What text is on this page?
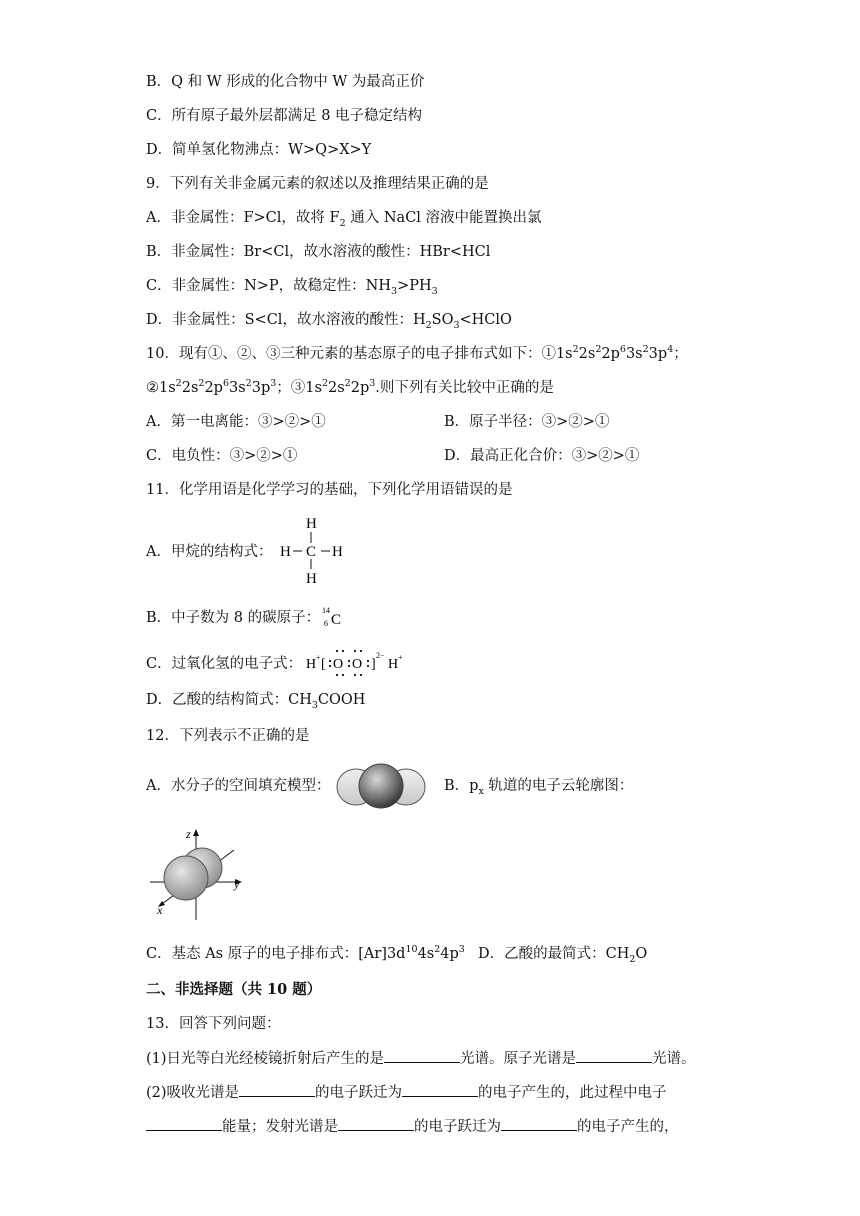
B．Q 和 W 形成的化合物中 W 为最高正价
C．所有原子最外层都满足 8 电子稳定结构
D．简单氢化物沸点：W>Q>X>Y
9．下列有关非金属元素的叙述以及推理结果正确的是
A．非金属性：F>Cl，故将 $F_2$ 通入 NaCl 溶液中能置换出氯
B．非金属性：Br<Cl，故水溶液的酸性：HBr<HCl
C．非金属性：N>P，故稳定性：$NH_3>PH_3$
D．非金属性：S<Cl，故水溶液的酸性：$H_2SO_3<HClO$
10．现有①、②、③三种元素的基态原子的电子排布式如下：$①1s^22s^22p^63s^23p^4$；
$②1s^22s^22p^63s^23p^3$；$③1s^22s^22p^3$.则下列有关比较中正确的是
A．第一电离能：③>②>①	B．原子半径：③>②>①
C．电负性：③>②>①	D．最高正化合价：③>②>①
11．化学用语是化学学习的基础，下列化学用语错误的是
A．甲烷的结构式：
H
H C H
H
B．中子数为 8 的碳原子： 14
6 C
C．过氧化氢的电子式： H + [ O O ]
2−
H +
D．乙酸的结构简式：$CH_3COOH$
12．下列表示不正确的是
A．水分子的空间填充模型：	B．$p_x$ 轨道的电子云轮廓图：
z
y
x
C．基态 As 原子的电子排布式：$[Ar]3d^{10}4s^24p^3$ D．乙酸的最简式：$CH_2O$
二、非选择题（共 10 题）
13．回答下列问题：
(1)日光等白光经棱镜折射后产生的是	光谱。原子光谱是	光谱。
(2)吸收光谱是	的电子跃迁为	的电子产生的，此过程中电子
能量；发射光谱是	的电子跃迁为	的电子产生的，
